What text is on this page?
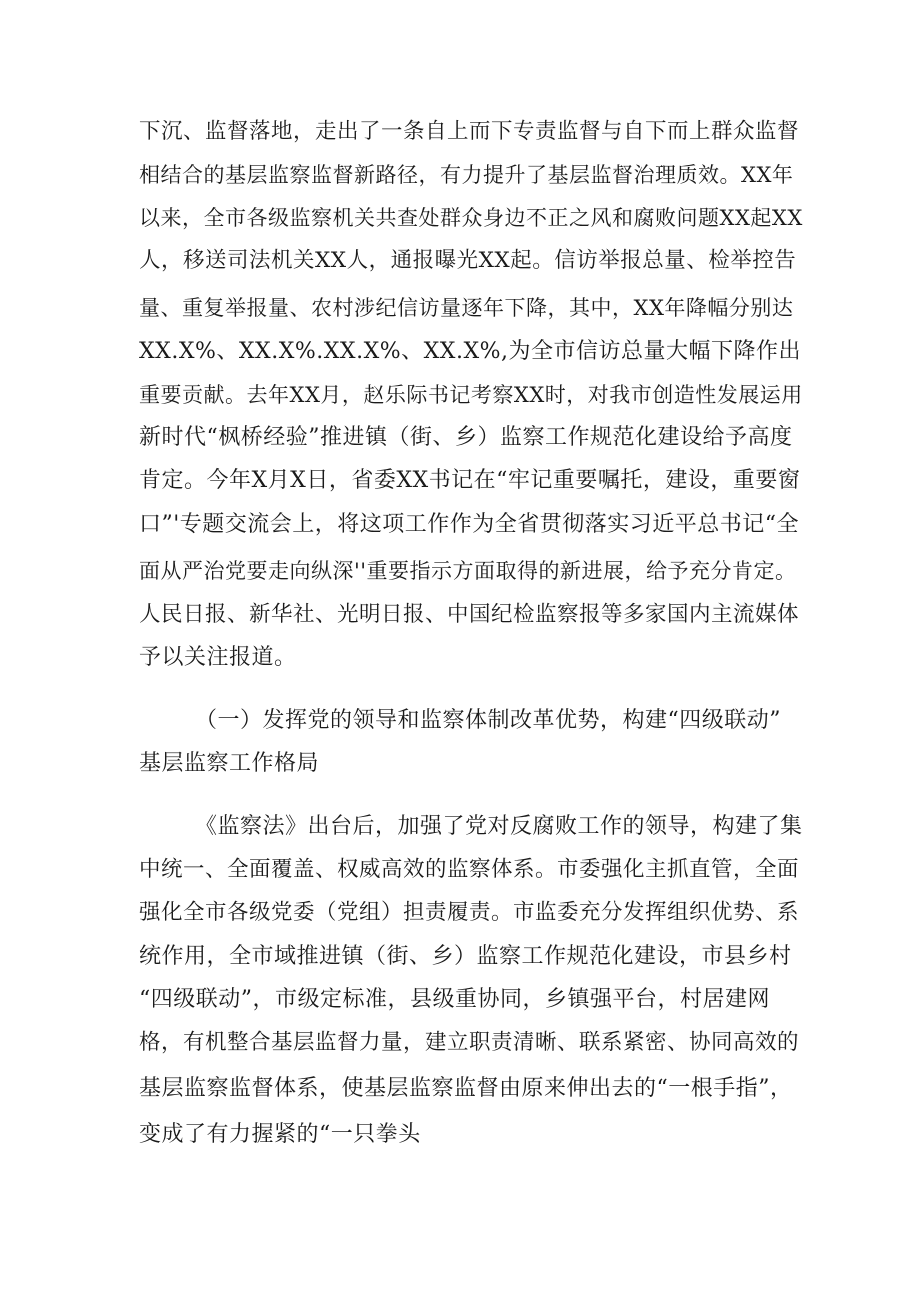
下沉、监督落地，走出了一条自上而下专责监督与自下而上群众监督
相结合的基层监察监督新路径，有力提升了基层监督治理质效。XX年
以来，全市各级监察机关共查处群众身边不正之风和腐败问题XX起XX
人，移送司法机关XX人，通报曝光XX起。信访举报总量、检举控告
量、重复举报量、农村涉纪信访量逐年下降，其中，XX年降幅分别达
XX.X%、XX.X%.XX.X%、XX.X%,为全市信访总量大幅下降作出
重要贡献。去年XX月，赵乐际书记考察XX时，对我市创造性发展运用
新时代“枫桥经验”推进镇（街、乡）监察工作规范化建设给予高度
肯定。今年X月X日，省委XX书记在“牢记重要嘱托，建设，重要窗
口”'专题交流会上，将这项工作作为全省贯彻落实习近平总书记“全
面从严治党要走向纵深''重要指示方面取得的新进展，给予充分肯定。
人民日报、新华社、光明日报、中国纪检监察报等多家国内主流媒体
予以关注报道。
（一）发挥党的领导和监察体制改革优势，构建“四级联动”
基层监察工作格局
《监察法》出台后，加强了党对反腐败工作的领导，构建了集
中统一、全面覆盖、权威高效的监察体系。市委强化主抓直管，全面
强化全市各级党委（党组）担责履责。市监委充分发挥组织优势、系
统作用，全市域推进镇（街、乡）监察工作规范化建设，市县乡村
“四级联动”，市级定标准，县级重协同，乡镇强平台，村居建网
格，有机整合基层监督力量，建立职责清晰、联系紧密、协同高效的
基层监察监督体系，使基层监察监督由原来伸出去的“一根手指”，
变成了有力握紧的“一只拳头
